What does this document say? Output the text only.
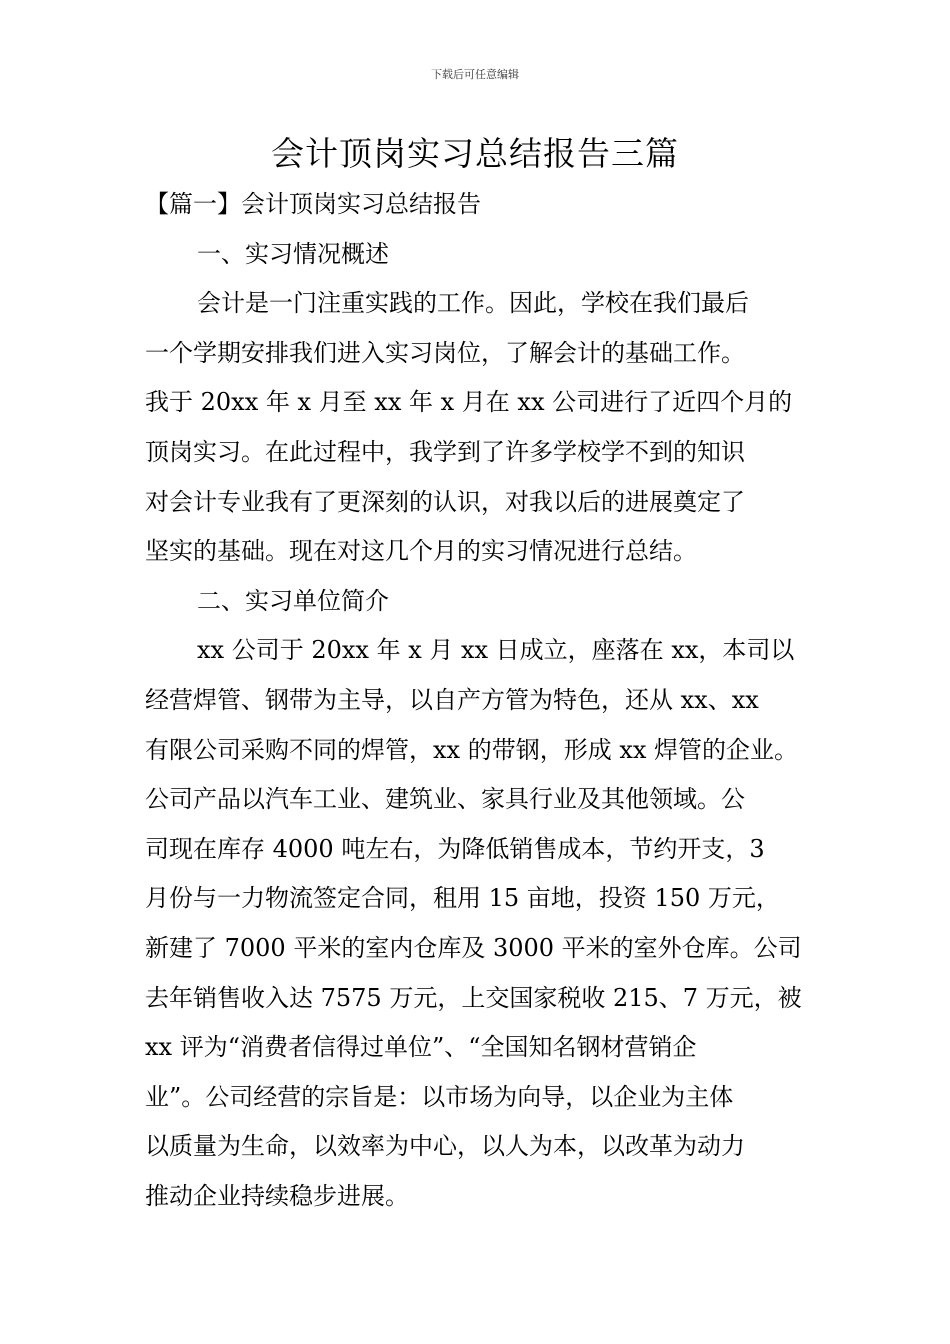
下载后可任意编辑
会计顶岗实习总结报告三篇
【篇一】会计顶岗实习总结报告
一、实习情况概述
会计是一门注重实践的工作。因此，学校在我们最后
一个学期安排我们进入实习岗位，了解会计的基础工作。
我于 20xx 年 x 月至 xx 年 x 月在 xx 公司进行了近四个月的
顶岗实习。在此过程中，我学到了许多学校学不到的知识
对会计专业我有了更深刻的认识，对我以后的进展奠定了
坚实的基础。现在对这几个月的实习情况进行总结。
二、实习单位简介
xx 公司于 20xx 年 x 月 xx 日成立，座落在 xx，本司以
经营焊管、钢带为主导，以自产方管为特色，还从 xx、xx
有限公司采购不同的焊管，xx 的带钢，形成 xx 焊管的企业。
公司产品以汽车工业、建筑业、家具行业及其他领域。公
司现在库存 4000 吨左右，为降低销售成本，节约开支，3
月份与一力物流签定合同，租用 15 亩地，投资 150 万元，
新建了 7000 平米的室内仓库及 3000 平米的室外仓库。公司
去年销售收入达 7575 万元，上交国家税收 215、7 万元，被
xx 评为“消费者信得过单位”、“全国知名钢材营销企
业”。公司经营的宗旨是：以市场为向导，以企业为主体
以质量为生命，以效率为中心，以人为本，以改革为动力
推动企业持续稳步进展。
